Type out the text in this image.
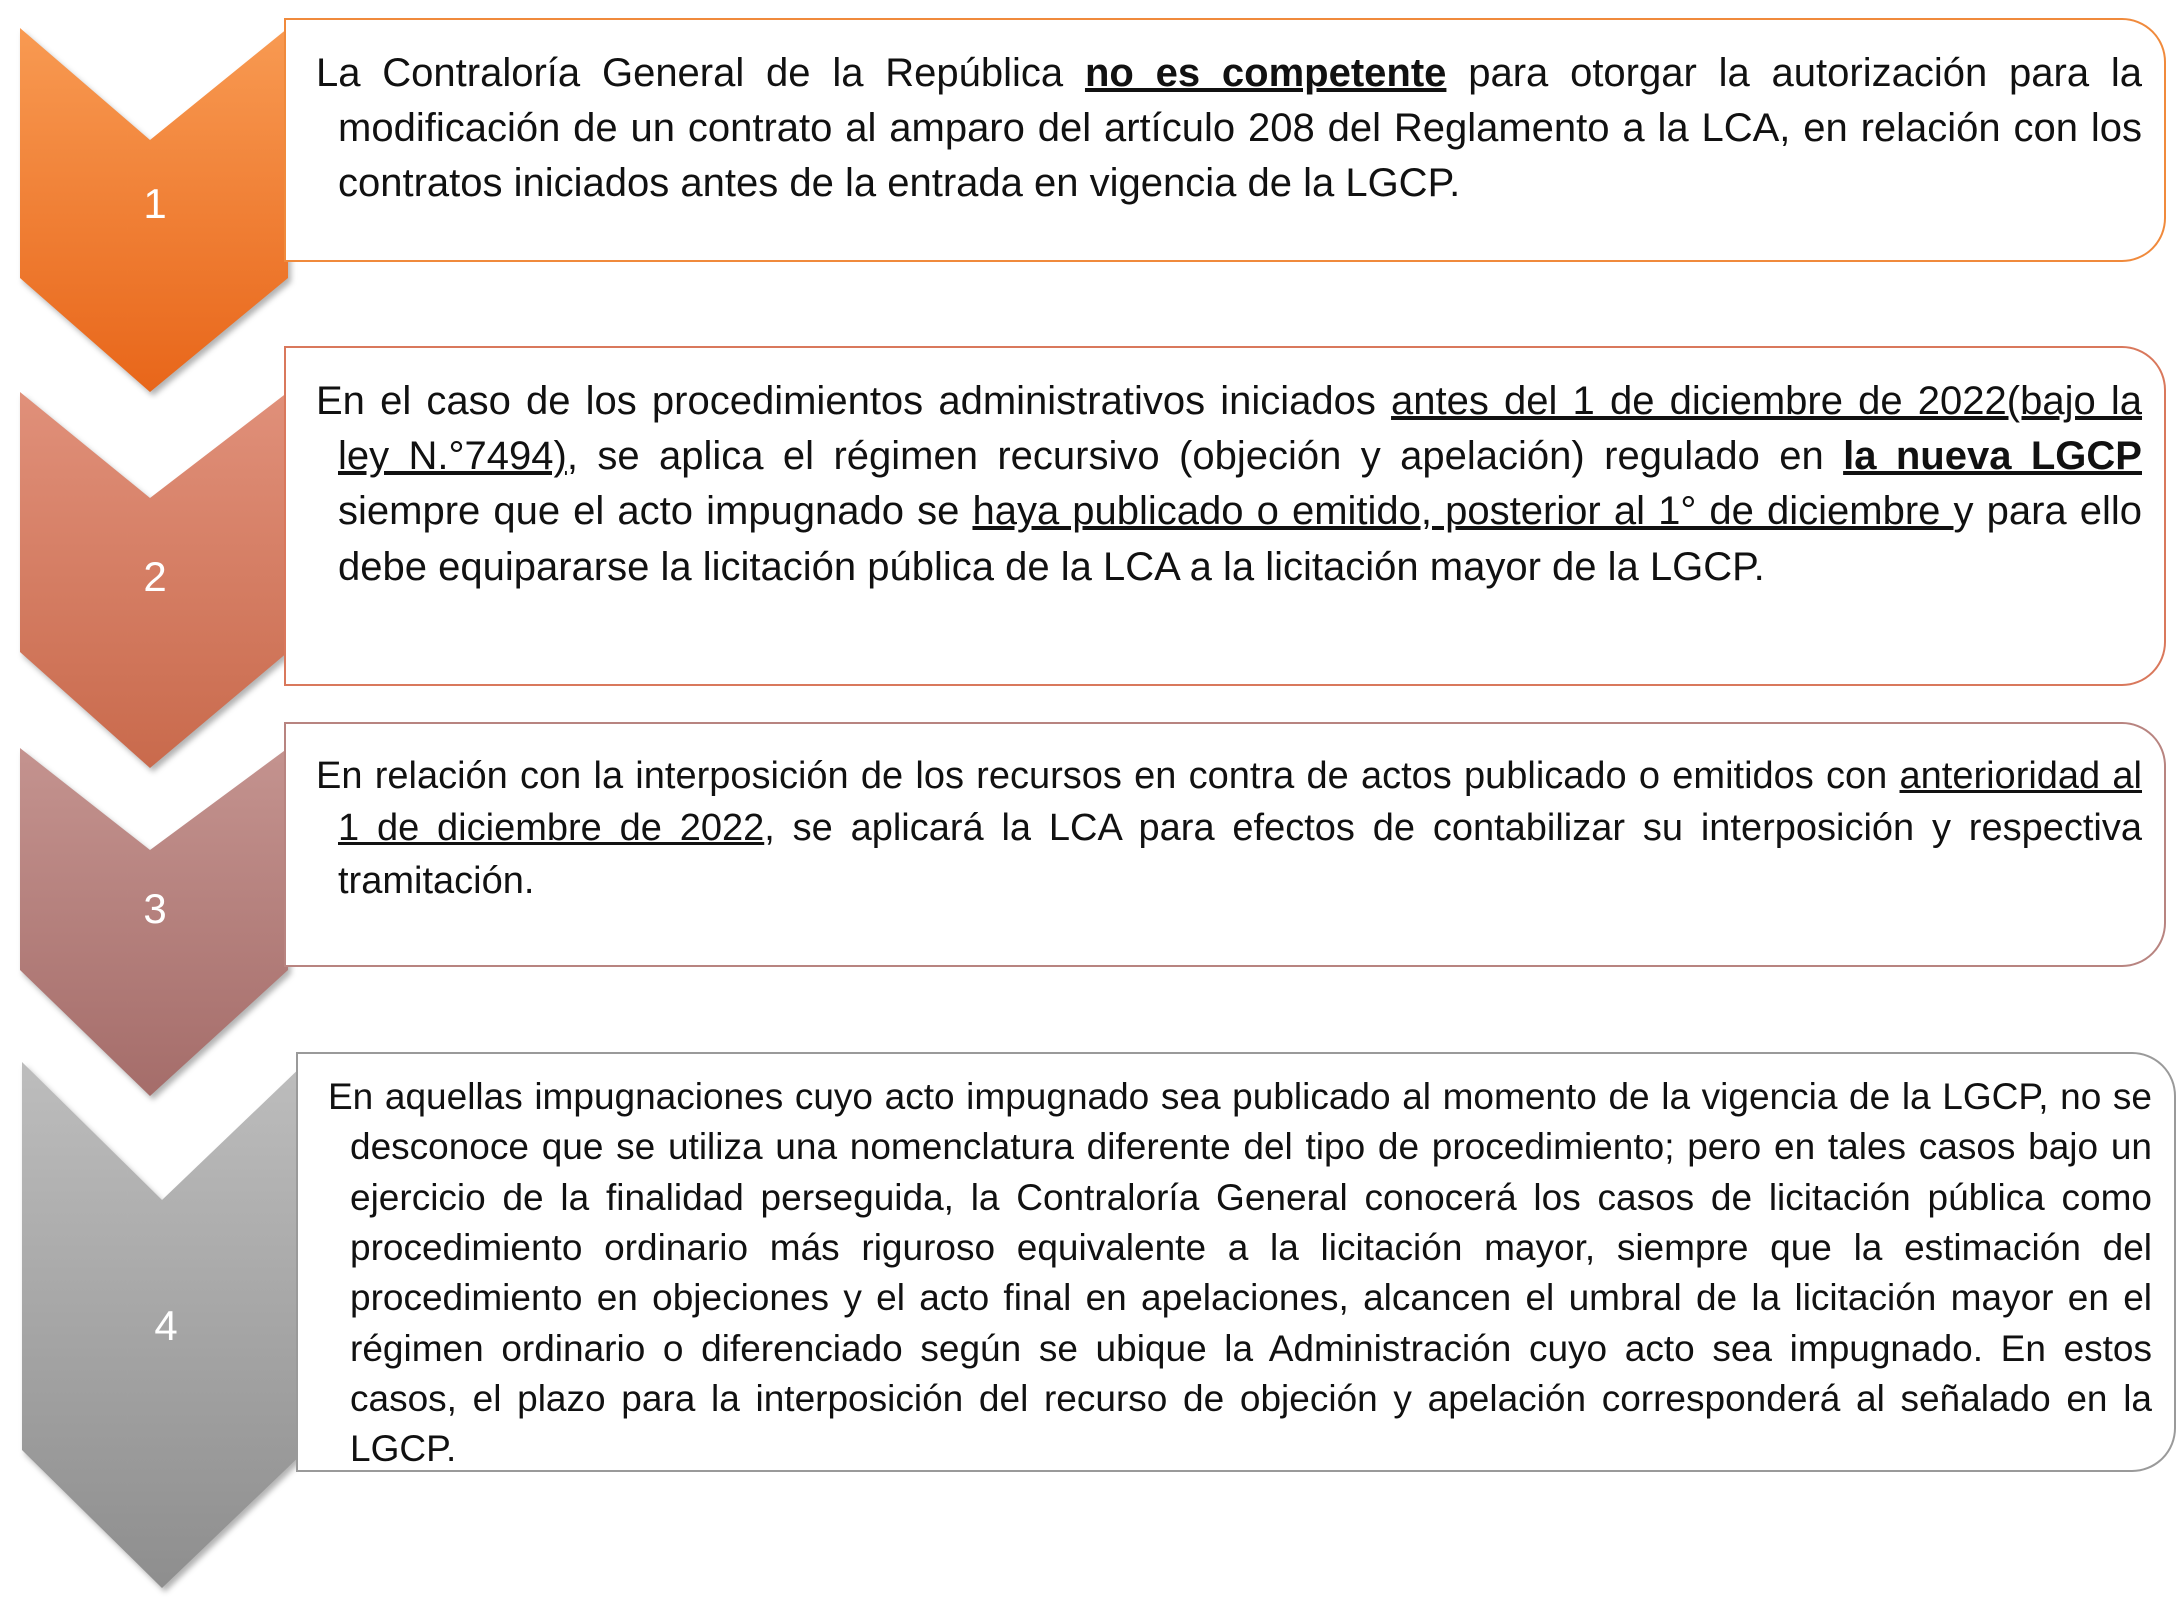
1

La Contraloría General de la República no es competente para otorgar la autorización para la modificación de un contrato al amparo del artículo 208 del Reglamento a la LCA, en relación con los contratos iniciados antes de la entrada en vigencia de la LGCP.

2

En el caso de los procedimientos administrativos iniciados antes del 1 de diciembre de 2022(bajo la ley N.°7494), se aplica el régimen recursivo (objeción y apelación) regulado en la nueva LGCP siempre que el acto impugnado se haya publicado o emitido, posterior al 1° de diciembre y para ello debe equipararse la licitación pública de la LCA a la licitación mayor de la LGCP.

3

En relación con la interposición de los recursos en contra de actos publicado o emitidos con anterioridad al 1 de diciembre de 2022, se aplicará la LCA para efectos de contabilizar su interposición y respectiva tramitación.

4

En aquellas impugnaciones cuyo acto impugnado sea publicado al momento de la vigencia de la LGCP, no se desconoce que se utiliza una nomenclatura diferente del tipo de procedimiento; pero en tales casos bajo un ejercicio de la finalidad perseguida, la Contraloría General conocerá los casos de licitación pública como procedimiento ordinario más riguroso equivalente a la licitación mayor, siempre que la estimación del procedimiento en objeciones y el acto final en apelaciones, alcancen el umbral de la licitación mayor en el régimen ordinario o diferenciado según se ubique la Administración cuyo acto sea impugnado. En estos casos, el plazo para la interposición del recurso de objeción y apelación corresponderá al señalado en la LGCP.
